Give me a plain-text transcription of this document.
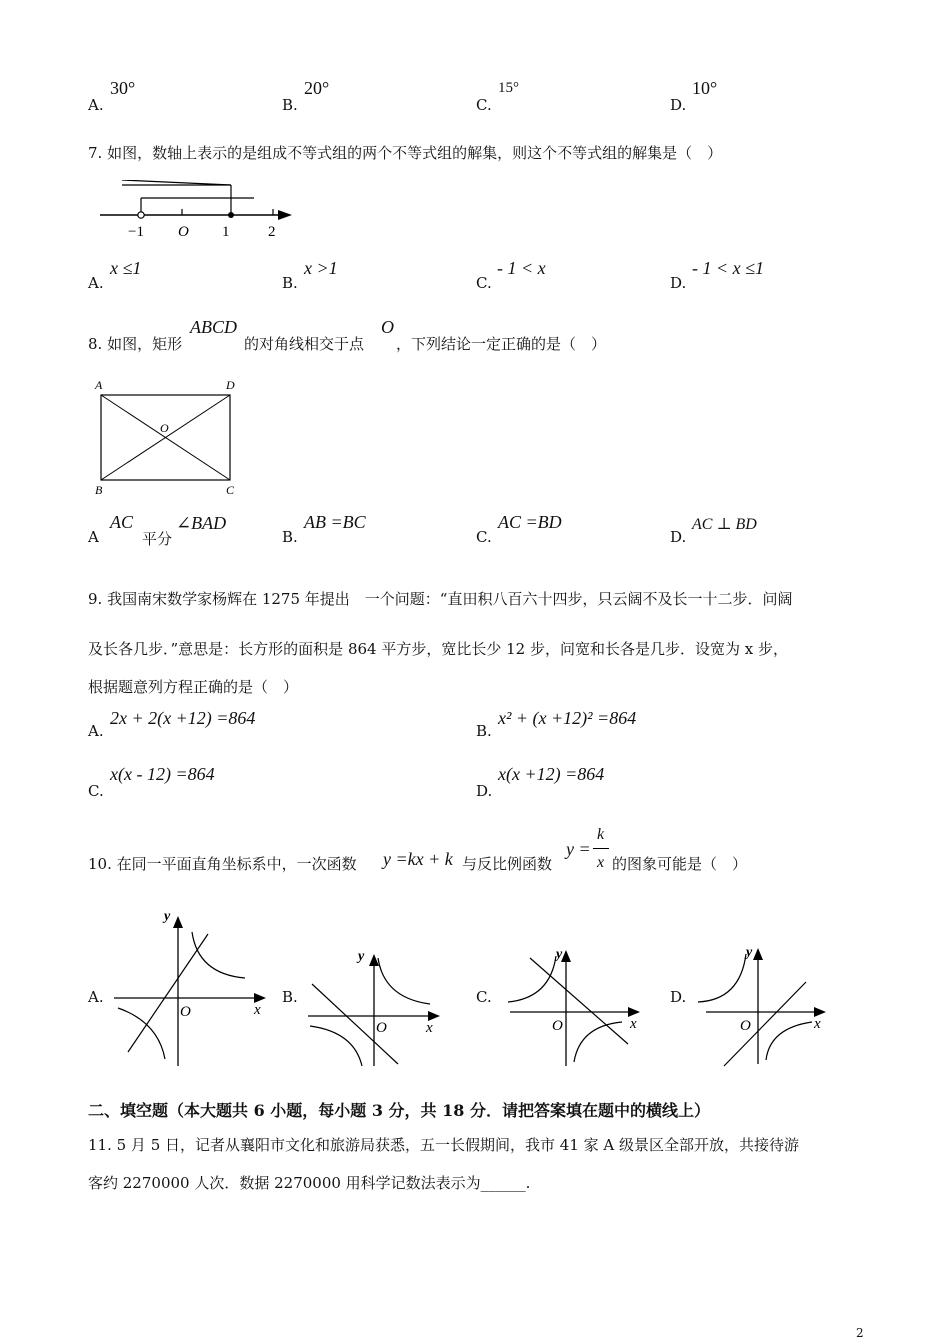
A.
30°
B.
20°
C.
15°
D.
10°
7. 如图，数轴上表示的是组成不等式组的两个不等式组的解集，则这个不等式组的解集是（　）
−1 O 1	2
A.
x ≤1
B.
x >1
C.
- 1 < x
D.
- 1 < x ≤1
8. 如图，矩形
ABCD
的对角线相交于点
O
，下列结论一定正确的是（　）
A	D
B	C
O
A
AC
平分
∠BAD
B.
AB =BC
C.
AC =BD
D.
AC ⊥ BD
9. 我国南宋数学家杨辉在 1275 年提出　一个问题：“直田积八百六十四步，只云阔不及长一十二步．问阔
及长各几步．”意思是：长方形的面积是 864 平方步，宽比长少 12 步，问宽和长各是几步．设宽为 x 步，
根据题意列方程正确的是（　）
A.
2x + 2(x +12) =864
B.
x² + (x +12)² =864
C.
x(x - 12) =864
D.
x(x +12) =864
10. 在同一平面直角坐标系中，一次函数 y =kx + k 与反比例函数
y =
k
x 的图象可能是（　）
A.
y
x
O
B.
y
x
O
C.
y
x
O
D.
y
x
O
二、填空题（本大题共 6 小题，每小题 3 分，共 18 分．请把答案填在题中的横线上）
11. 5 月 5 日，记者从襄阳市文化和旅游局获悉，五一长假期间，我市 41 家 A 级景区全部开放，共接待游
客约 2270000 人次．数据 2270000 用科学记数法表示为______.
2
